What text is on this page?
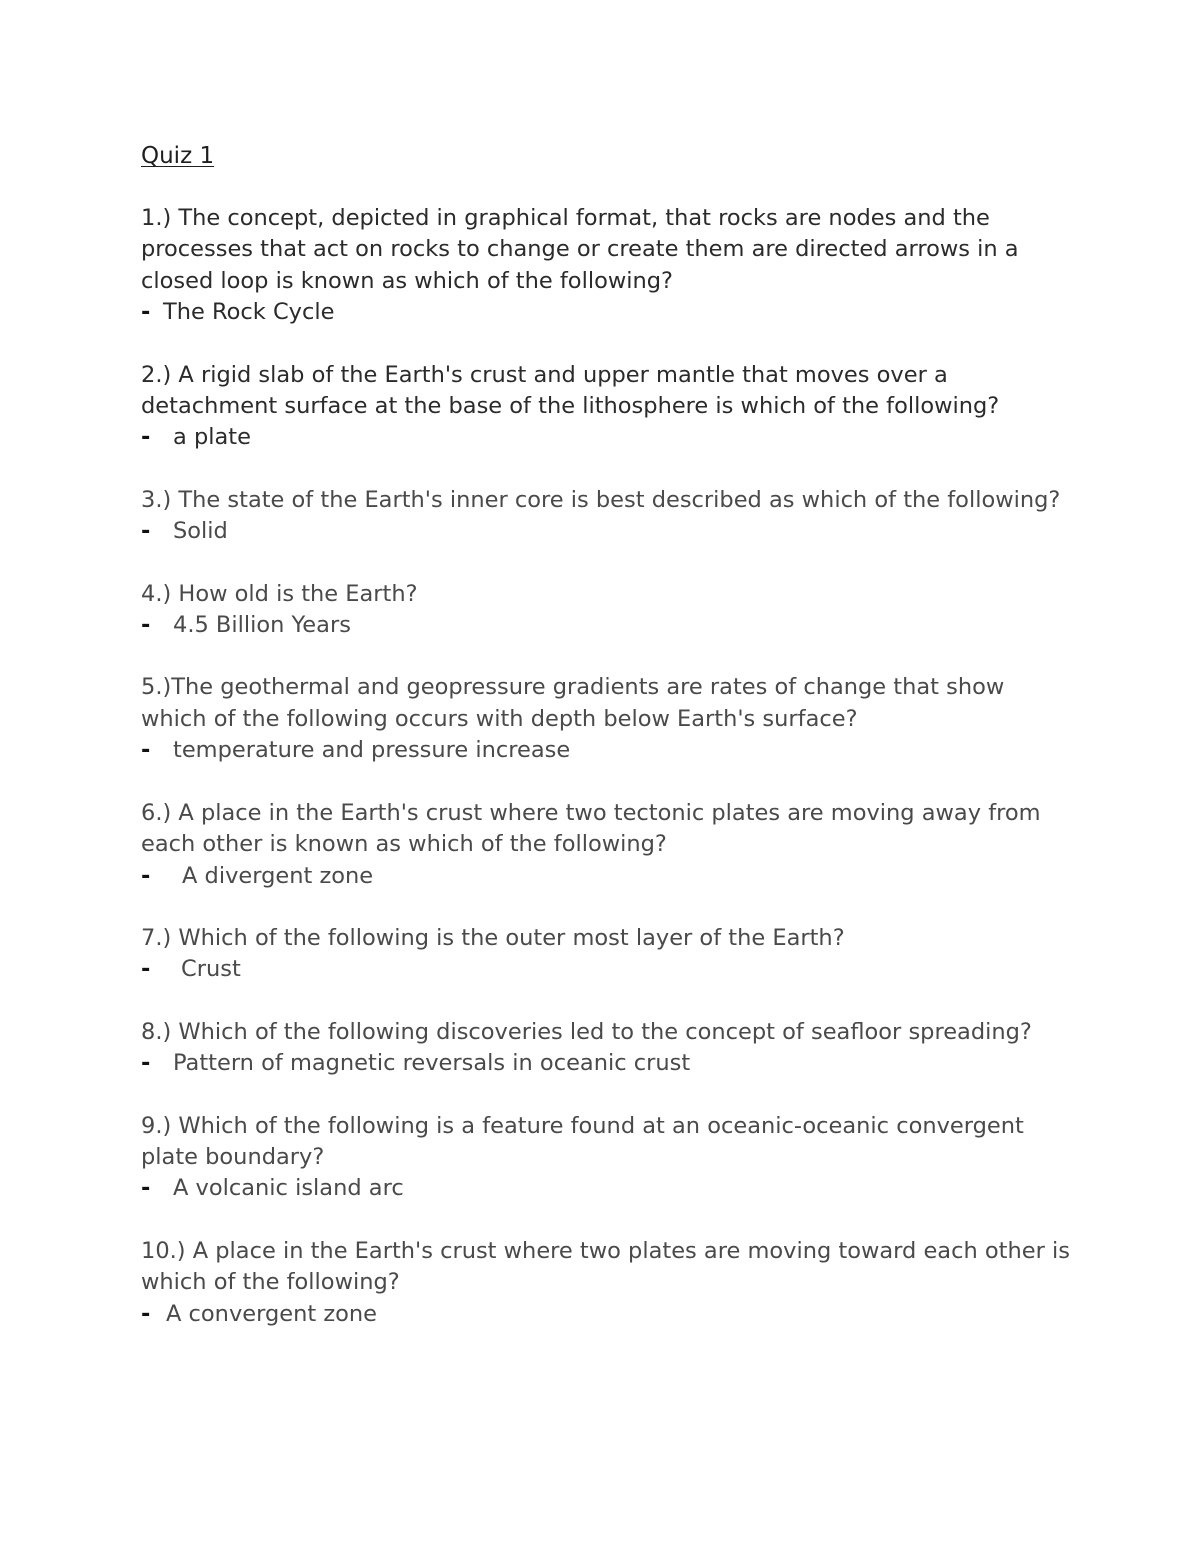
Quiz 1
1.) The concept, depicted in graphical format, that rocks are nodes and the processes that act on rocks to change or create them are directed arrows in a closed loop is known as which of the following?
- The Rock Cycle
2.) A rigid slab of the Earth's crust and upper mantle that moves over a detachment surface at the base of the lithosphere is which of the following?
- a plate
3.) The state of the Earth's inner core is best described as which of the following?
- Solid
4.) How old is the Earth?
- 4.5 Billion Years
5.)The geothermal and geopressure gradients are rates of change that show which of the following occurs with depth below Earth's surface?
- temperature and pressure increase
6.) A place in the Earth's crust where two tectonic plates are moving away from each other is known as which of the following?
- A divergent zone
7.) Which of the following is the outer most layer of the Earth?
- Crust
8.) Which of the following discoveries led to the concept of seafloor spreading?
- Pattern of magnetic reversals in oceanic crust
9.) Which of the following is a feature found at an oceanic-oceanic convergent plate boundary?
- A volcanic island arc
10.) A place in the Earth's crust where two plates are moving toward each other is which of the following?
- A convergent zone
